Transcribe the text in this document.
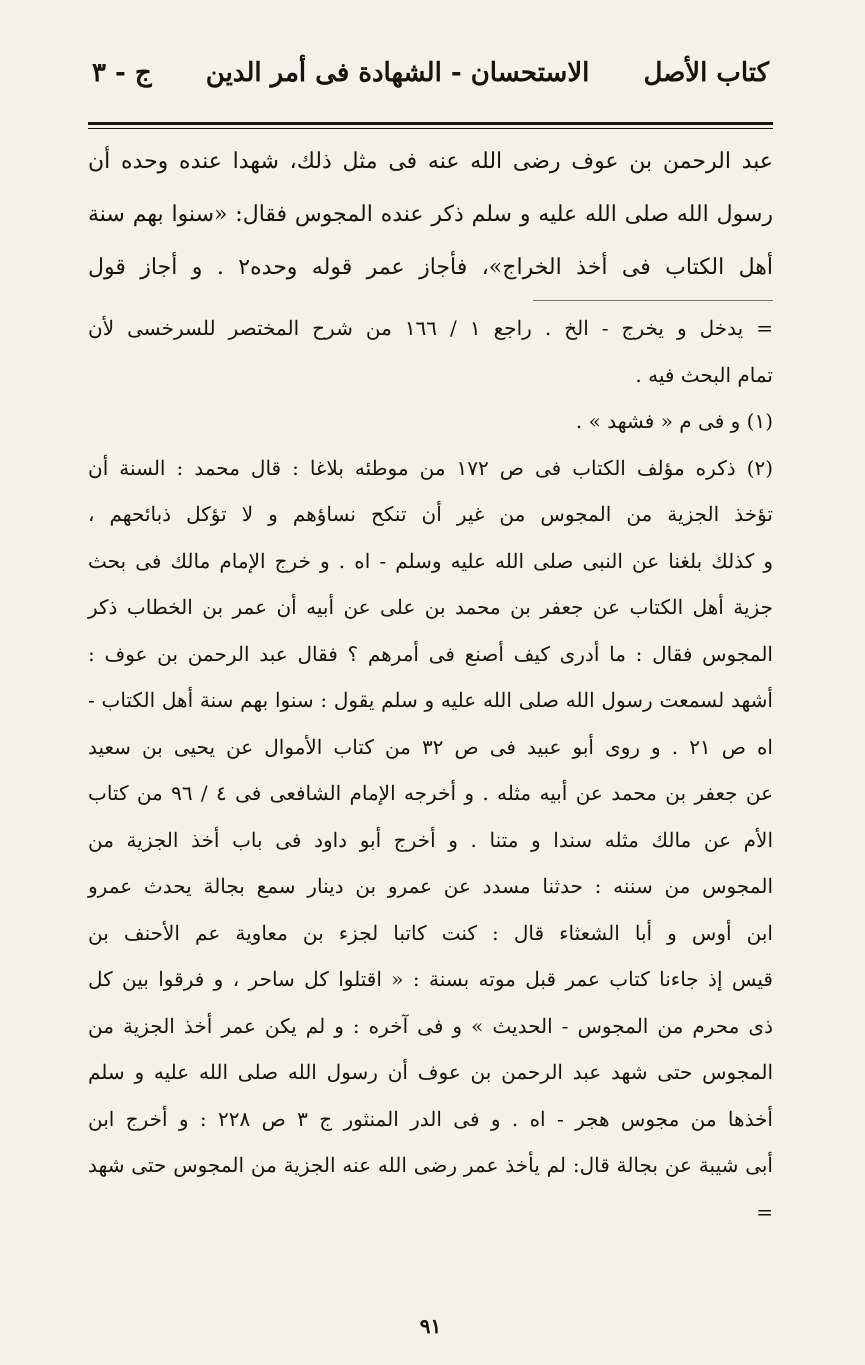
كتاب الأصل
الاستحسان - الشهادة فى أمر الدين
ج - ٣

عبد الرحمن بن عوف رضى الله عنه فى مثل ذلك، شهدا عنده وحده أن

رسول الله صلى الله عليه و سلم ذكر عنده المجوس فقال: «سنوا بهم سنة

أهل الكتاب فى أخذ الخراج»، فأجاز عمر قوله وحده٢ . و أجاز قول

= يدخل و يخرج - الخ . راجع ١ / ١٦٦ من شرح المختصر للسرخسى لأن

تمام البحث فيه .

(١) و فى م « فشهد » .

(٢) ذكره مؤلف الكتاب فى ص ١٧٢ من موطئه بلاغا : قال محمد : السنة أن

تؤخذ الجزية من المجوس من غير أن تنكح نساؤهم و لا تؤكل ذبائحهم ،

و كذلك بلغنا عن النبى صلى الله عليه وسلم - اه . و خرج الإمام مالك فى بحث

جزية أهل الكتاب عن جعفر بن محمد بن على عن أبيه أن عمر بن الخطاب ذكر

المجوس فقال : ما أدرى كيف أصنع فى أمرهم ؟ فقال عبد الرحمن بن عوف :

أشهد لسمعت رسول الله صلى الله عليه و سلم يقول : سنوا بهم سنة أهل الكتاب -

اه ص ٢١ . و روى أبو عبيد فى ص ٣٢ من كتاب الأموال عن يحيى بن سعيد

عن جعفر بن محمد عن أبيه مثله . و أخرجه الإمام الشافعى فى ٤ / ٩٦ من كتاب

الأم عن مالك مثله سندا و متنا . و أخرج أبو داود فى باب أخذ الجزية من

المجوس من سننه : حدثنا مسدد عن عمرو بن دينار سمع بجالة يحدث عمرو

ابن أوس و أبا الشعثاء قال : كنت كاتبا لجزء بن معاوية عم الأحنف بن

قيس إذ جاءنا كتاب عمر قبل موته بسنة : « اقتلوا كل ساحر ، و فرقوا بين كل

ذى محرم من المجوس - الحديث » و فى آخره : و لم يكن عمر أخذ الجزية من

المجوس حتى شهد عبد الرحمن بن عوف أن رسول الله صلى الله عليه و سلم

أخذها من مجوس هجر - اه . و فى الدر المنثور ج ٣ ص ٢٢٨ : و أخرج ابن

أبى شيبة عن بجالة قال: لم يأخذ عمر رضى الله عنه الجزية من المجوس حتى شهد =

٩١
